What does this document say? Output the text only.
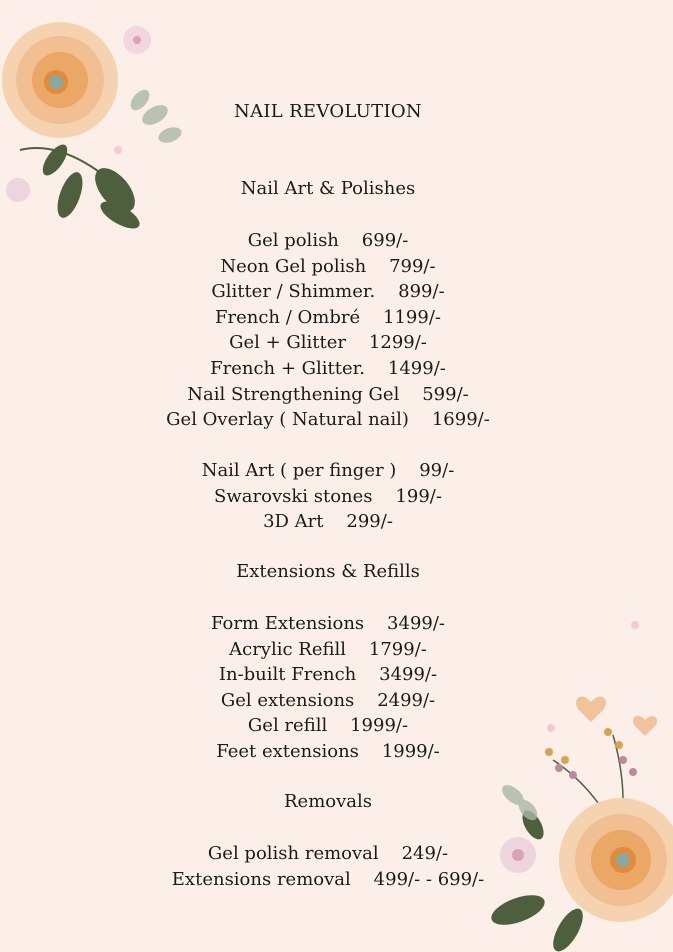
NAIL REVOLUTION
Nail Art & Polishes
Gel polish 699/-
Neon Gel polish 799/-
Glitter / Shimmer. 899/-
French / Ombré 1199/-
Gel + Glitter 1299/-
French + Glitter. 1499/-
Nail Strengthening Gel 599/-
Gel Overlay ( Natural nail) 1699/-
Nail Art ( per finger ) 99/-
Swarovski stones 199/-
3D Art 299/-
Extensions & Refills
Form Extensions 3499/-
Acrylic Refill 1799/-
In-built French 3499/-
Gel extensions 2499/-
Gel refill 1999/-
Feet extensions 1999/-
Removals
Gel polish removal 249/-
Extensions removal 499/- - 699/-
